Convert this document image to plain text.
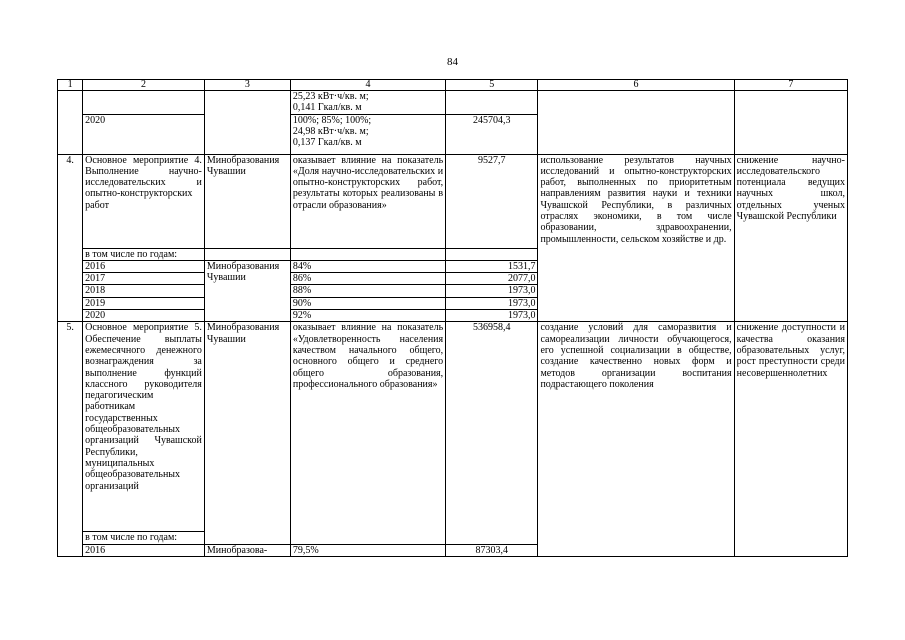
84
1	2	3	4	5	6	7

			25,23 кВт·ч/кв. м;
0,141 Гкал/кв. м			

	2020		100%; 85%; 100%;
24,98 кВт·ч/кв. м;
0,137 Гкал/кв. м	245704,3		
4.	Основное мероприятие 4. Выполнение научно-исследовательских и опытно-конструкторских работ	Минобразования Чувашии	оказывает влияние на показатель «Доля научно-исследовательских и опытно-конструкторских работ, результаты которых реализованы в отрасли образования»	9527,7	использование результатов научных исследований и опытно-конструкторских работ, выполненных по приоритетным направлениям развития науки и техники Чувашской Республики, в различных отраслях экономики, в том числе образовании, здравоохранении, промышленности, сельском хозяйстве и др.	снижение научно-исследовательского потенциала ведущих научных школ, отдельных ученых Чувашской Республики
	в том числе по годам:					
	2016	Минобразования Чувашии	84%	1531,7		
	2017		86%	2077,0		
	2018		88%	1973,0		
	2019		90%	1973,0		
	2020		92%	1973,0		
5.	Основное мероприятие 5. Обеспечение выплаты ежемесячного денежного вознаграждения за выполнение функций классного руководителя педагогическим работникам государственных общеобразовательных организаций Чувашской Республики, муниципальных общеобразовательных организаций	Минобразования Чувашии	оказывает влияние на показатель «Удовлетворенность населения качеством начального общего, основного общего и среднего общего образования, профессионального образования»	536958,4	создание условий для саморазвития и самореализации личности обучающегося, его успешной социализации в обществе, создание качественно новых форм и методов организации воспитания подрастающего поколения	снижение доступности и качества оказания образовательных услуг, рост преступности среди несовершеннолетних
	в том числе по годам:					
	2016	Минобразова-	79,5%	87303,4		
